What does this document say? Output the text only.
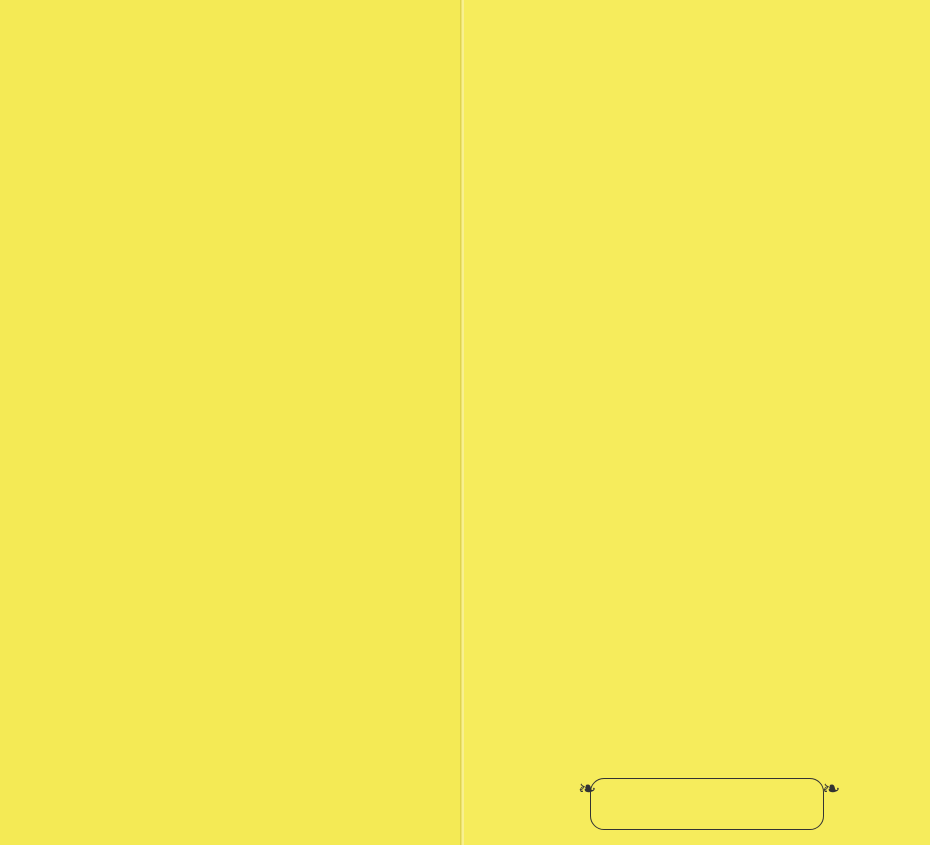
❧	❧
